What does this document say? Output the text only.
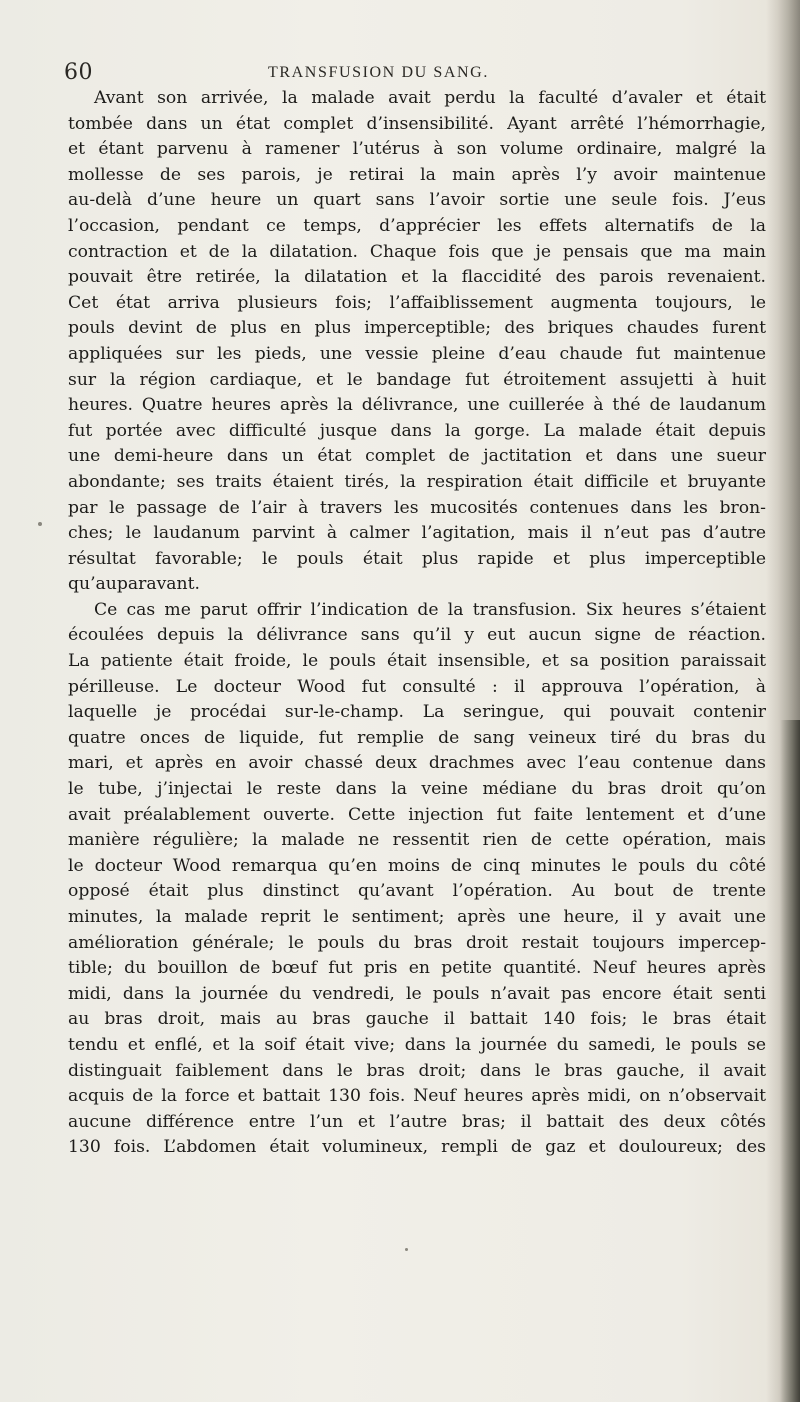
60	TRANSFUSION DU SANG.
Avant son arrivée, la malade avait perdu la faculté d’avaler et était
tombée dans un état complet d’insensibilité. Ayant arrêté l’hémorrhagie,
et étant parvenu à ramener l’utérus à son volume ordinaire, malgré la
mollesse de ses parois, je retirai la main après l’y avoir maintenue
au-delà d’une heure un quart sans l’avoir sortie une seule fois. J’eus
l’occasion, pendant ce temps, d’apprécier les effets alternatifs de la
contraction et de la dilatation. Chaque fois que je pensais que ma main
pouvait être retirée, la dilatation et la flaccidité des parois revenaient.
Cet état arriva plusieurs fois; l’affaiblissement augmenta toujours, le
pouls devint de plus en plus imperceptible; des briques chaudes furent
appliquées sur les pieds, une vessie pleine d’eau chaude fut maintenue
sur la région cardiaque, et le bandage fut étroitement assujetti à huit
heures. Quatre heures après la délivrance, une cuillerée à thé de laudanum
fut portée avec difficulté jusque dans la gorge. La malade était depuis
une demi-heure dans un état complet de jactitation et dans une sueur
abondante; ses traits étaient tirés, la respiration était difficile et bruyante
par le passage de l’air à travers les mucosités contenues dans les bron-
ches; le laudanum parvint à calmer l’agitation, mais il n’eut pas d’autre
résultat favorable; le pouls était plus rapide et plus imperceptible
qu’auparavant.
Ce cas me parut offrir l’indication de la transfusion. Six heures s’étaient
écoulées depuis la délivrance sans qu’il y eut aucun signe de réaction.
La patiente était froide, le pouls était insensible, et sa position paraissait
périlleuse. Le docteur Wood fut consulté : il approuva l’opération, à
laquelle je procédai sur-le-champ. La seringue, qui pouvait contenir
quatre onces de liquide, fut remplie de sang veineux tiré du bras du
mari, et après en avoir chassé deux drachmes avec l’eau contenue dans
le tube, j’injectai le reste dans la veine médiane du bras droit qu’on
avait préalablement ouverte. Cette injection fut faite lentement et d’une
manière régulière; la malade ne ressentit rien de cette opération, mais
le docteur Wood remarqua qu’en moins de cinq minutes le pouls du côté
opposé était plus dinstinct qu’avant l’opération. Au bout de trente
minutes, la malade reprit le sentiment; après une heure, il y avait une
amélioration générale; le pouls du bras droit restait toujours impercep-
tible; du bouillon de bœuf fut pris en petite quantité. Neuf heures après
midi, dans la journée du vendredi, le pouls n’avait pas encore était senti
au bras droit, mais au bras gauche il battait 140 fois; le bras était
tendu et enflé, et la soif était vive; dans la journée du samedi, le pouls se
distinguait faiblement dans le bras droit; dans le bras gauche, il avait
acquis de la force et battait 130 fois. Neuf heures après midi, on n’observait
aucune différence entre l’un et l’autre bras; il battait des deux côtés
130 fois. L’abdomen était volumineux, rempli de gaz et douloureux; des
